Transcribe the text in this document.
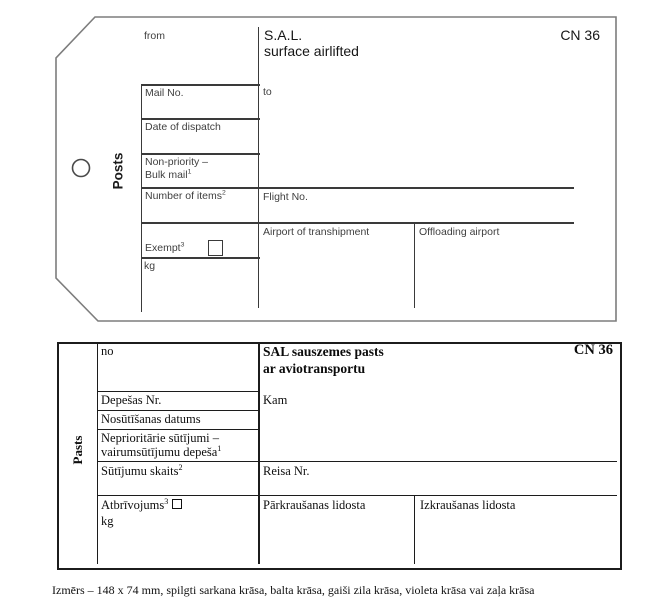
from	S.A.L.
surface airlifted
CN 36
Mail No.	to
Date of dispatch
Non-priority –
Bulk mail$^1$
Number of items$^2$	Flight No.
Airport of transhipment	Offloading airport
Exempt$^3$
kg
Posts
no	SAL sauszemes pasts
ar aviotransportu
CN 36
Depešas Nr.	Kam
Nosūtīšanas datums
Neprioritārie sūtījumi –
vairumsūtījumu depeša$^1$
Sūtījumu skaits$^2$	Reisa Nr.
Atbrīvojums$^3$
kg
Pārkraušanas lidosta	Izkraušanas lidosta
Pasts
Izmērs – 148 x 74 mm, spilgti sarkana krāsa, balta krāsa, gaiši zila krāsa, violeta krāsa vai zaļa krāsa
